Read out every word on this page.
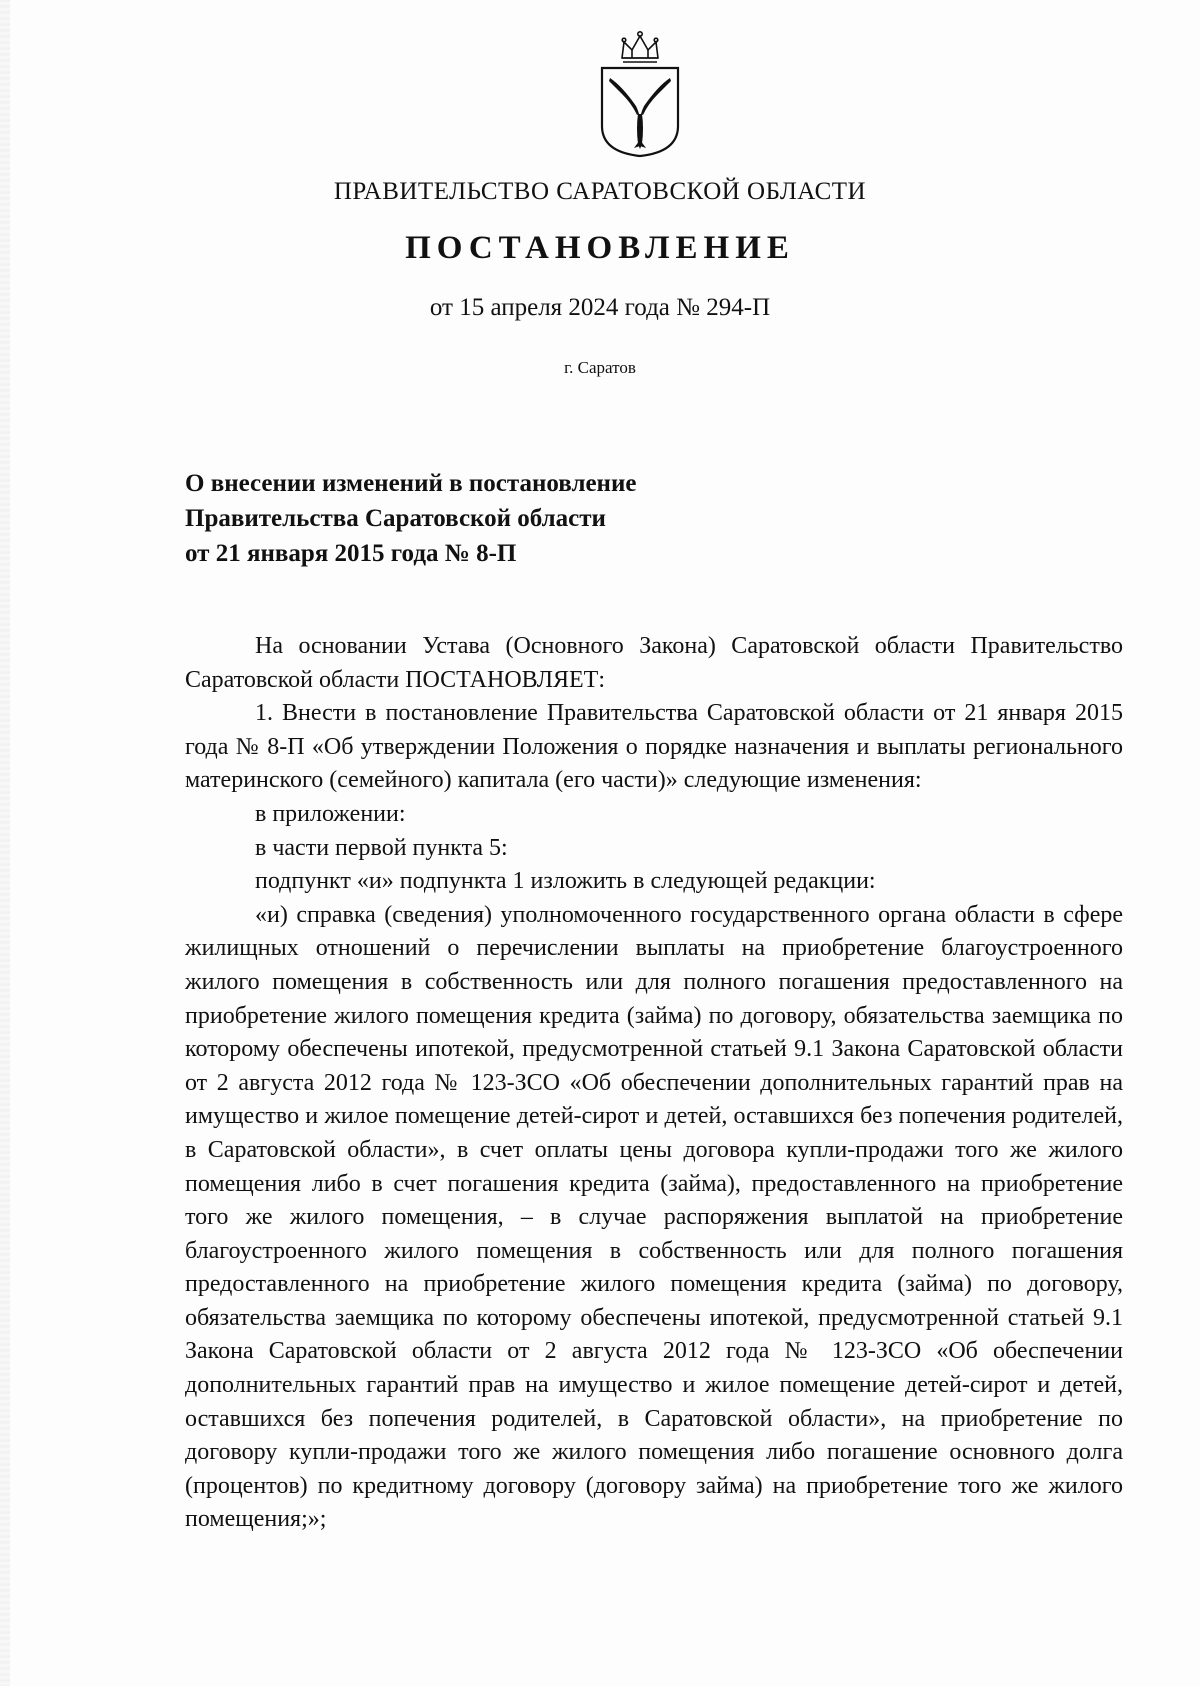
ПРАВИТЕЛЬСТВО САРАТОВСКОЙ ОБЛАСТИ
ПОСТАНОВЛЕНИЕ
от 15 апреля 2024 года № 294-П
г. Саратов
О внесении изменений в постановление
Правительства Саратовской области
от 21 января 2015 года № 8-П

На основании Устава (Основного Закона) Саратовской области Правительство Саратовской области ПОСТАНОВЛЯЕТ:

1. Внести в постановление Правительства Саратовской области от 21 января 2015 года № 8-П «Об утверждении Положения о порядке назначения и выплаты регионального материнского (семейного) капитала (его части)» следующие изменения:

в приложении:

в части первой пункта 5:

подпункт «и» подпункта 1 изложить в следующей редакции:

«и) справка (сведения) уполномоченного государственного органа области в сфере жилищных отношений о перечислении выплаты на приобретение благоустроенного жилого помещения в собственность или для полного погашения предоставленного на приобретение жилого помещения кредита (займа) по договору, обязательства заемщика по которому обеспечены ипотекой, предусмотренной статьей 9.1 Закона Саратовской области от 2 августа 2012 года № 123-ЗСО «Об обеспечении дополнительных гарантий прав на имущество и жилое помещение детей-сирот и детей, оставшихся без попечения родителей, в Саратовской области», в счет оплаты цены договора купли-продажи того же жилого помещения либо в счет погашения кредита (займа), предоставленного на приобретение того же жилого помещения, – в случае распоряжения выплатой на приобретение благоустроенного жилого помещения в собственность или для полного погашения предоставленного на приобретение жилого помещения кредита (займа) по договору, обязательства заемщика по которому обеспечены ипотекой, предусмотренной статьей 9.1 Закона Саратовской области от 2 августа 2012 года № 123-ЗСО «Об обеспечении дополнительных гарантий прав на имущество и жилое помещение детей-сирот и детей, оставшихся без попечения родителей, в Саратовской области», на приобретение по договору купли-продажи того же жилого помещения либо погашение основного долга (процентов) по кредитному договору (договору займа) на приобретение того же жилого помещения;»;
